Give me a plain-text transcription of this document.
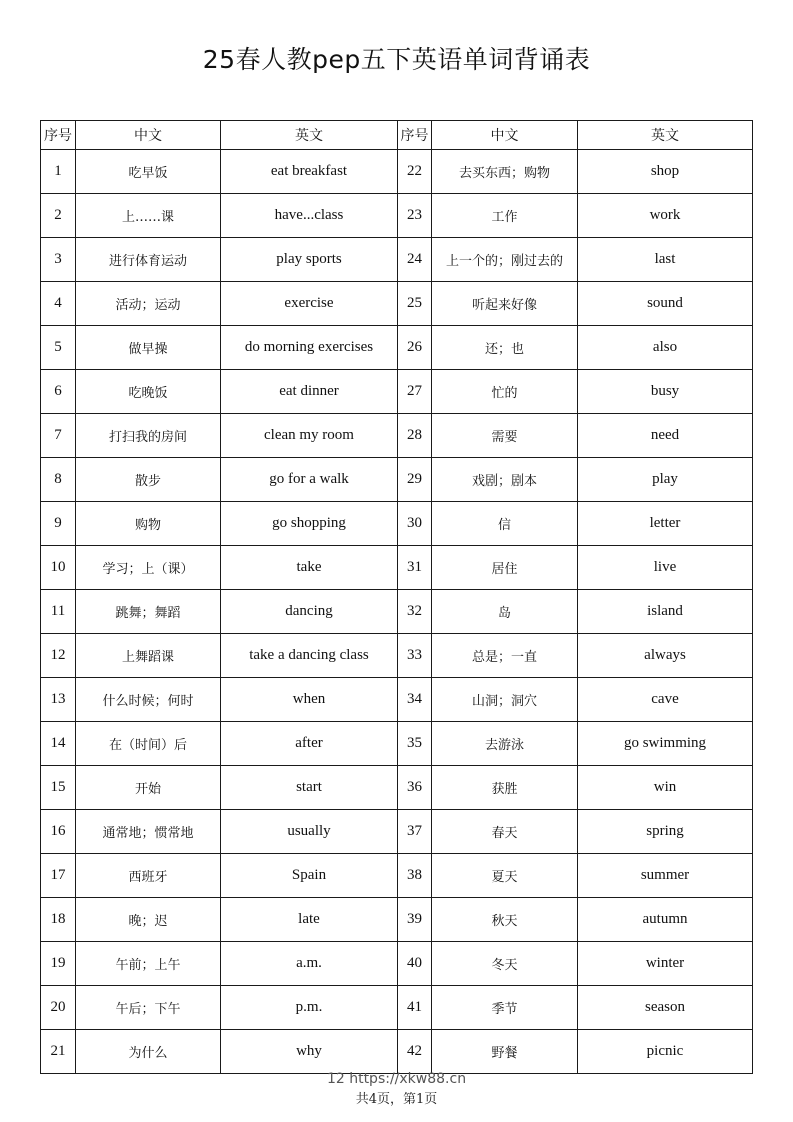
25春人教pep五下英语单词背诵表
序号	中文	英文	序号	中文	英文
1	吃早饭	eat breakfast	22	去买东西；购物	shop
2	上……课	have...class	23	工作	work
3	进行体育运动	play sports	24	上一个的；刚过去的	last
4	活动；运动	exercise	25	听起来好像	sound
5	做早操	do morning exercises	26	还；也	also
6	吃晚饭	eat dinner	27	忙的	busy
7	打扫我的房间	clean my room	28	需要	need
8	散步	go for a walk	29	戏剧；剧本	play
9	购物	go shopping	30	信	letter
10	学习；上（课）	take	31	居住	live
11	跳舞；舞蹈	dancing	32	岛	island
12	上舞蹈课	take a dancing class	33	总是；一直	always
13	什么时候；何时	when	34	山洞；洞穴	cave
14	在（时间）后	after	35	去游泳	go swimming
15	开始	start	36	获胜	win
16	通常地；惯常地	usually	37	春天	spring
17	西班牙	Spain	38	夏天	summer
18	晚；迟	late	39	秋天	autumn
19	午前；上午	a.m.	40	冬天	winter
20	午后；下午	p.m.	41	季节	season
21	为什么	why	42	野餐	picnic
12 https://xkw88.cn
共4页，第1页
